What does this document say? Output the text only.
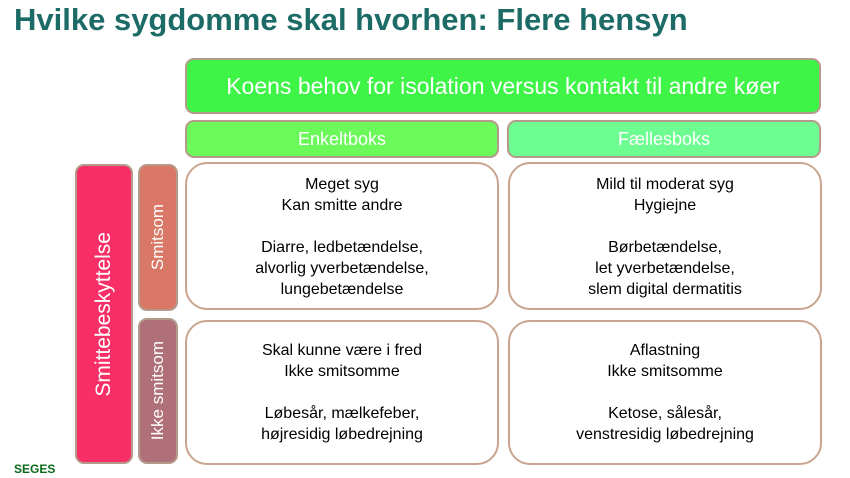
Hvilke sygdomme skal hvorhen: Flere hensyn
Koens behov for isolation versus kontakt til andre køer
Enkeltboks	Fællesboks
Smittebeskyttelse Smitsom
Ikke smitsom
Meget syg
Kan smitte andre
Diarre, ledbetændelse,
alvorlig yverbetændelse,
lungebetændelse
Mild til moderat syg
Hygiejne
Børbetændelse,
let yverbetændelse,
slem digital dermatitis
Skal kunne være i fred
Ikke smitsomme
Løbesår, mælkefeber,
højresidig løbedrejning
Aflastning
Ikke smitsomme
Ketose, sålesår,
venstresidig løbedrejning
SEGES
